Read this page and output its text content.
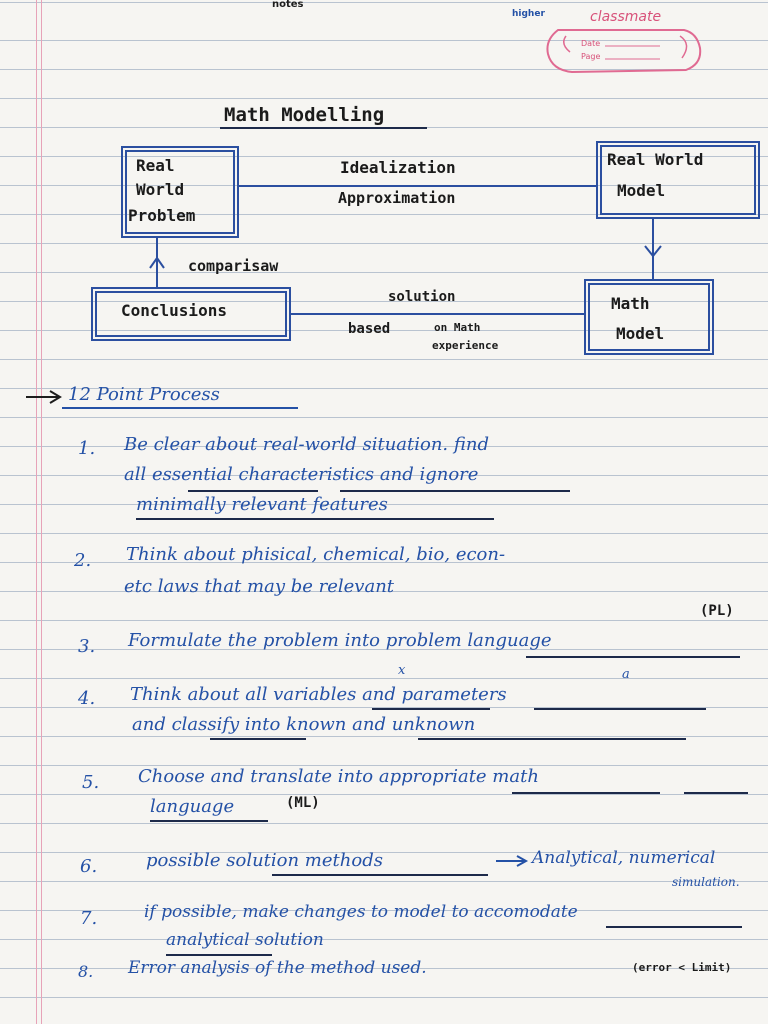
notes
higher	classmate
Date
Page
Math Modelling
Real
World
Problem
Idealization
Approximation
Real World
Model
comparisaw
Conclusions
solution
based	on Math
experience
Math
Model
12 Point Process
1. Be clear about real-world situation. find
all essential characteristics and ignore
minimally relevant features
2. Think about phisical, chemical, bio, econ-
etc laws that may be relevant
(PL)
3. Formulate the problem into problem language
x	a
4. Think about all variables and parameters
and classify into known and unknown
5. Choose and translate into appropriate math
language	(ML)
6.	possible solution methods	Analytical, numerical
simulation.
7.	if possible, make changes to model to accomodate
analytical solution
8. Error analysis of the method used.	(error < Limit)
